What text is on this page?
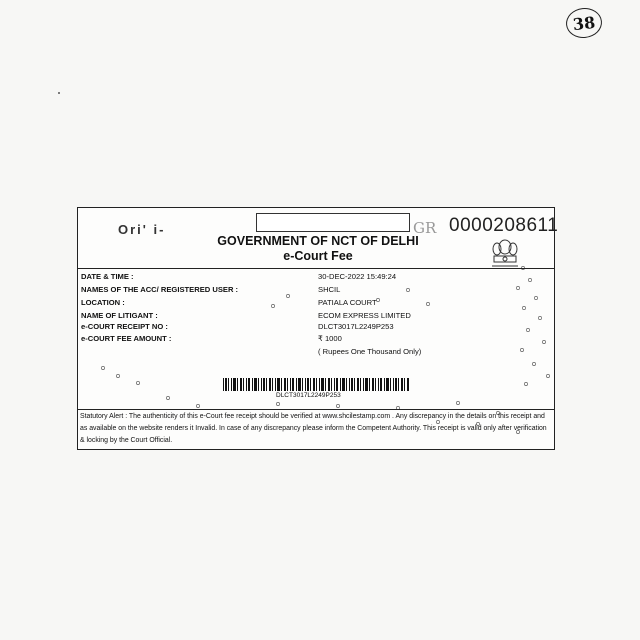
38
Ori' i-	GR 0000208611
GOVERNMENT OF NCT OF DELHI
e-Court Fee
DATE & TIME :	30-DEC-2022 15:49:24
NAMES OF THE ACC/ REGISTERED USER :	SHCIL
LOCATION :	PATIALA COURT
NAME OF LITIGANT :	ECOM EXPRESS LIMITED
e-COURT RECEIPT NO :	DLCT3017L2249P253
e-COURT FEE AMOUNT :	₹ 1000
( Rupees One Thousand Only)
DLCT3017L2249P253
Statutory Alert : The authenticity of this e-Court fee receipt should be verified at www.shcilestamp.com . Any discrepancy in the details on this receipt and as available on the website renders it Invalid. In case of any discrepancy please inform the Competent Authority. This receipt is valid only after verification & locking by the Court Official.
